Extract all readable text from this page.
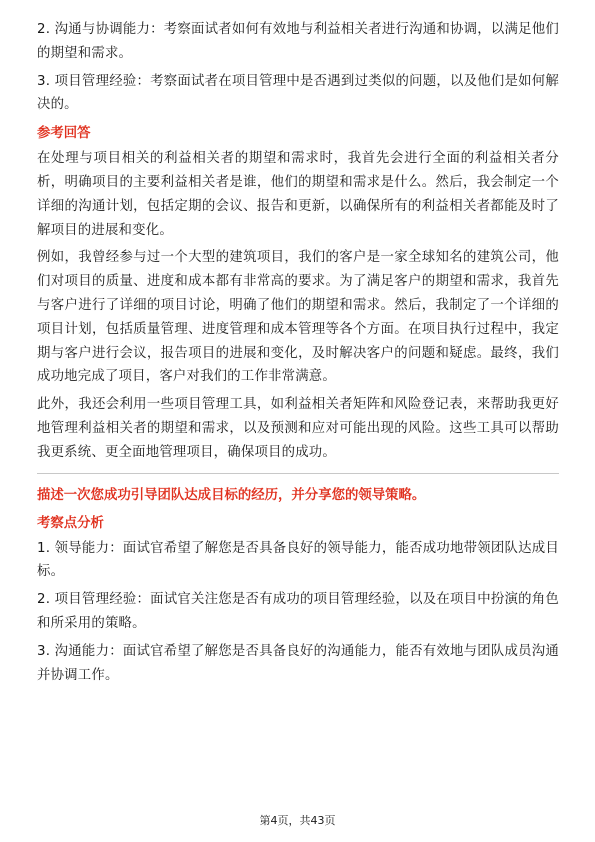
2. 沟通与协调能力：考察面试者如何有效地与利益相关者进行沟通和协调，以满足他们的期望和需求。

3. 项目管理经验：考察面试者在项目管理中是否遇到过类似的问题，以及他们是如何解决的。

参考回答

在处理与项目相关的利益相关者的期望和需求时，我首先会进行全面的利益相关者分析，明确项目的主要利益相关者是谁，他们的期望和需求是什么。然后，我会制定一个详细的沟通计划，包括定期的会议、报告和更新，以确保所有的利益相关者都能及时了解项目的进展和变化。

例如，我曾经参与过一个大型的建筑项目，我们的客户是一家全球知名的建筑公司，他们对项目的质量、进度和成本都有非常高的要求。为了满足客户的期望和需求，我首先与客户进行了详细的项目讨论，明确了他们的期望和需求。然后，我制定了一个详细的项目计划，包括质量管理、进度管理和成本管理等各个方面。在项目执行过程中，我定期与客户进行会议，报告项目的进展和变化，及时解决客户的问题和疑虑。最终，我们成功地完成了项目，客户对我们的工作非常满意。

此外，我还会利用一些项目管理工具，如利益相关者矩阵和风险登记表，来帮助我更好地管理利益相关者的期望和需求，以及预测和应对可能出现的风险。这些工具可以帮助我更系统、更全面地管理项目，确保项目的成功。

描述一次您成功引导团队达成目标的经历，并分享您的领导策略。
考察点分析

1. 领导能力：面试官希望了解您是否具备良好的领导能力，能否成功地带领团队达成目标。

2. 项目管理经验：面试官关注您是否有成功的项目管理经验，以及在项目中扮演的角色和所采用的策略。

3. 沟通能力：面试官希望了解您是否具备良好的沟通能力，能否有效地与团队成员沟通并协调工作。

第4页，共43页
